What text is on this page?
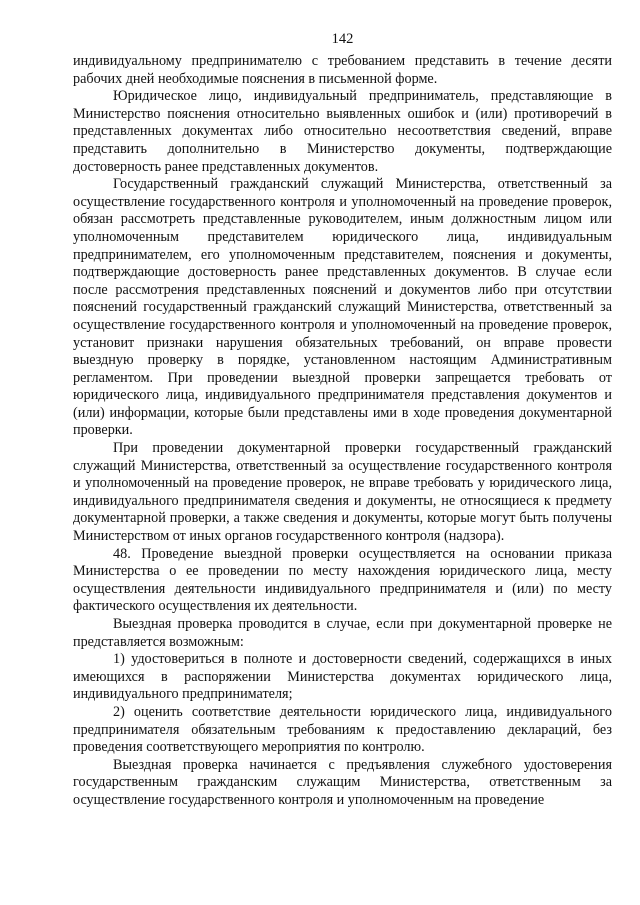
142

индивидуальному предпринимателю с требованием представить в течение десяти рабочих дней необходимые пояснения в письменной форме.

Юридическое лицо, индивидуальный предприниматель, представляющие в Министерство пояснения относительно выявленных ошибок и (или) противоречий в представленных документах либо относительно несоответствия сведений, вправе представить дополнительно в Министерство документы, подтверждающие достоверность ранее представленных документов.

Государственный гражданский служащий Министерства, ответственный за осуществление государственного контроля и уполномоченный на проведение проверок, обязан рассмотреть представленные руководителем, иным должностным лицом или уполномоченным представителем юридического лица, индивидуальным предпринимателем, его уполномоченным представителем, пояснения и документы, подтверждающие достоверность ранее представленных документов. В случае если после рассмотрения представленных пояснений и документов либо при отсутствии пояснений государственный гражданский служащий Министерства, ответственный за осуществление государственного контроля и уполномоченный на проведение проверок, установит признаки нарушения обязательных требований, он вправе провести выездную проверку в порядке, установленном настоящим Административным регламентом. При проведении выездной проверки запрещается требовать от юридического лица, индивидуального предпринимателя представления документов и (или) информации, которые были представлены ими в ходе проведения документарной проверки.

При проведении документарной проверки государственный гражданский служащий Министерства, ответственный за осуществление государственного контроля и уполномоченный на проведение проверок, не вправе требовать у юридического лица, индивидуального предпринимателя сведения и документы, не относящиеся к предмету документарной проверки, а также сведения и документы, которые могут быть получены Министерством от иных органов государственного контроля (надзора).

48. Проведение выездной проверки осуществляется на основании приказа Министерства о ее проведении по месту нахождения юридического лица, месту осуществления деятельности индивидуального предпринимателя и (или) по месту фактического осуществления их деятельности.

Выездная проверка проводится в случае, если при документарной проверке не представляется возможным:

1) удостовериться в полноте и достоверности сведений, содержащихся в иных имеющихся в распоряжении Министерства документах юридического лица, индивидуального предпринимателя;

2) оценить соответствие деятельности юридического лица, индивидуального предпринимателя обязательным требованиям к предоставлению деклараций, без проведения соответствующего мероприятия по контролю.

Выездная проверка начинается с предъявления служебного удостоверения государственным гражданским служащим Министерства, ответственным за осуществление государственного контроля и уполномоченным на проведение
